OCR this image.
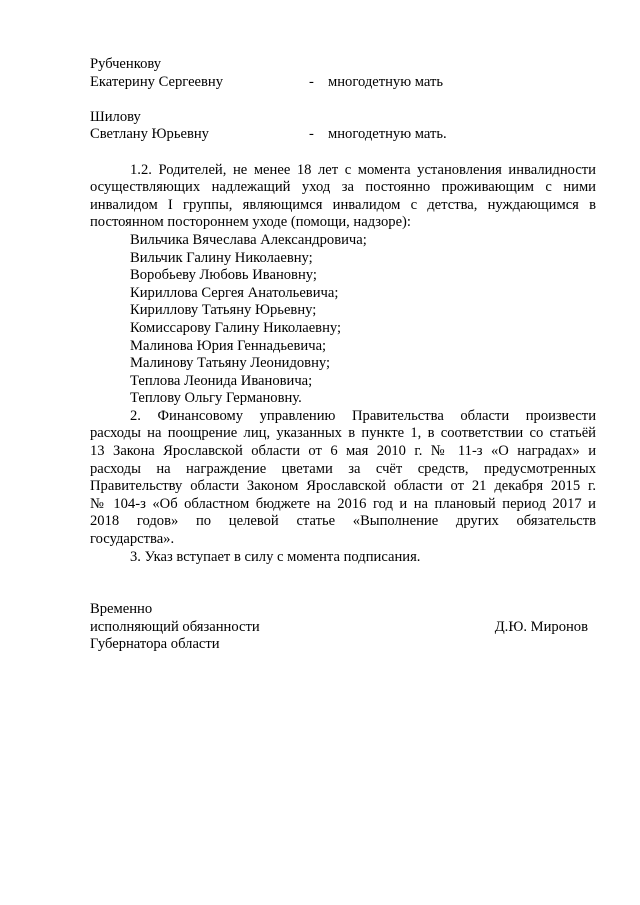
Рубченкову
Екатерину Сергеевну	- многодетную мать
Шилову
Светлану Юрьевну	- многодетную мать.
1.2. Родителей, не менее 18 лет с момента установления инвалидности
осуществляющих надлежащий уход за постоянно проживающим с ними
инвалидом I группы, являющимся инвалидом с детства, нуждающимся в
постоянном постороннем уходе (помощи, надзоре):
Вильчика Вячеслава Александровича;
Вильчик Галину Николаевну;
Воробьеву Любовь Ивановну;
Кириллова Сергея Анатольевича;
Кириллову Татьяну Юрьевну;
Комиссарову Галину Николаевну;
Малинова Юрия Геннадьевича;
Малинову Татьяну Леонидовну;
Теплова Леонида Ивановича;
Теплову Ольгу Германовну.
2. Финансовому управлению Правительства области произвести
расходы на поощрение лиц, указанных в пункте 1, в соответствии со статьёй
13 Закона Ярославской области от 6 мая 2010 г. № 11-з «О наградах» и
расходы на награждение цветами за счёт средств, предусмотренных
Правительству области Законом Ярославской области от 21 декабря 2015 г.
№ 104-з «Об областном бюджете на 2016 год и на плановый период 2017 и
2018 годов» по целевой статье «Выполнение других обязательств
государства».
3. Указ вступает в силу с момента подписания.
Временно
исполняющий обязанности
Губернатора области
Д.Ю. Миронов
